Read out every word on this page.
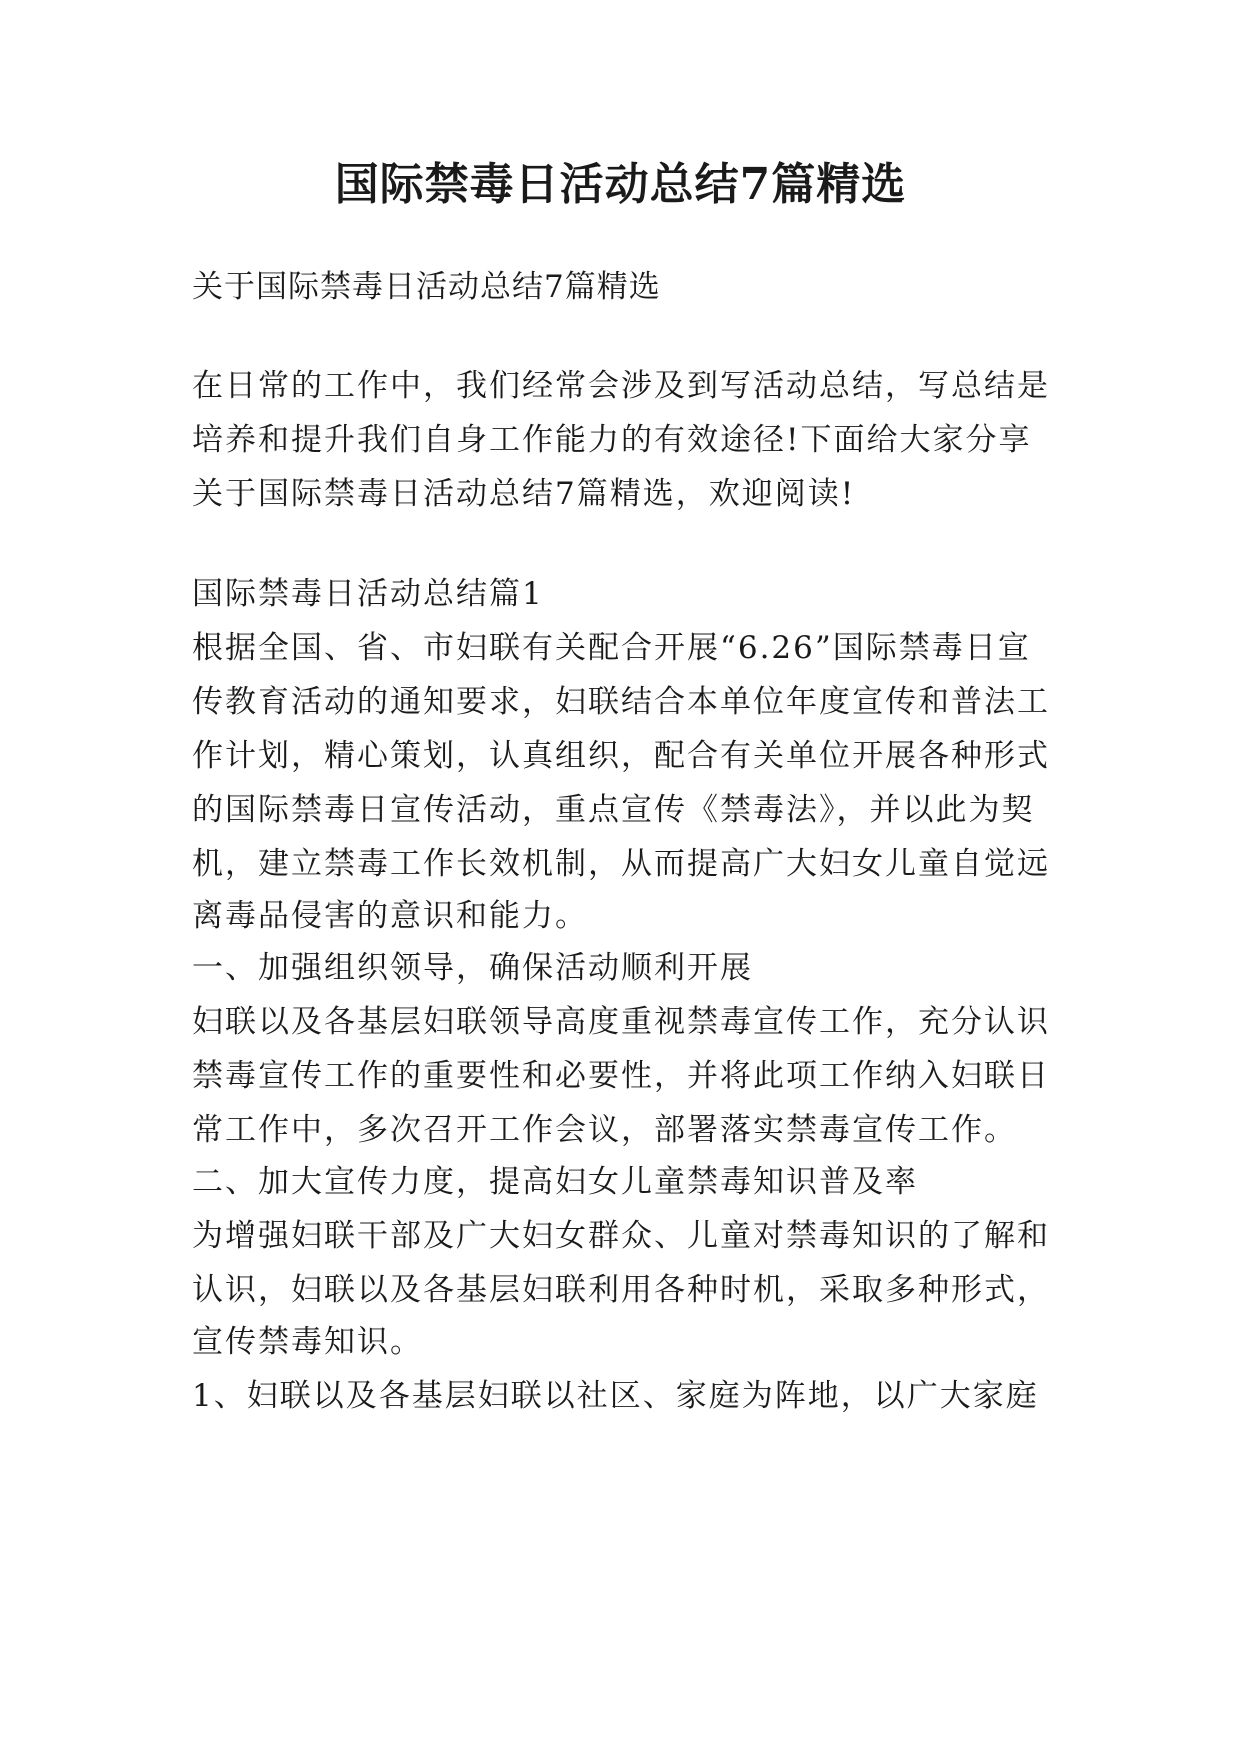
国际禁毒日活动总结7篇精选
关于国际禁毒日活动总结7篇精选
在日常的工作中，我们经常会涉及到写活动总结，写总结是
培养和提升我们自身工作能力的有效途径!下面给大家分享
关于国际禁毒日活动总结7篇精选，欢迎阅读!
国际禁毒日活动总结篇1
根据全国、省、市妇联有关配合开展“6.26”国际禁毒日宣
传教育活动的通知要求，妇联结合本单位年度宣传和普法工
作计划，精心策划，认真组织，配合有关单位开展各种形式
的国际禁毒日宣传活动，重点宣传《禁毒法》，并以此为契
机，建立禁毒工作长效机制，从而提高广大妇女儿童自觉远
离毒品侵害的意识和能力。
一、加强组织领导，确保活动顺利开展
妇联以及各基层妇联领导高度重视禁毒宣传工作，充分认识
禁毒宣传工作的重要性和必要性，并将此项工作纳入妇联日
常工作中，多次召开工作会议，部署落实禁毒宣传工作。
二、加大宣传力度，提高妇女儿童禁毒知识普及率
为增强妇联干部及广大妇女群众、儿童对禁毒知识的了解和
认识，妇联以及各基层妇联利用各种时机，采取多种形式，
宣传禁毒知识。
1、妇联以及各基层妇联以社区、家庭为阵地，以广大家庭
